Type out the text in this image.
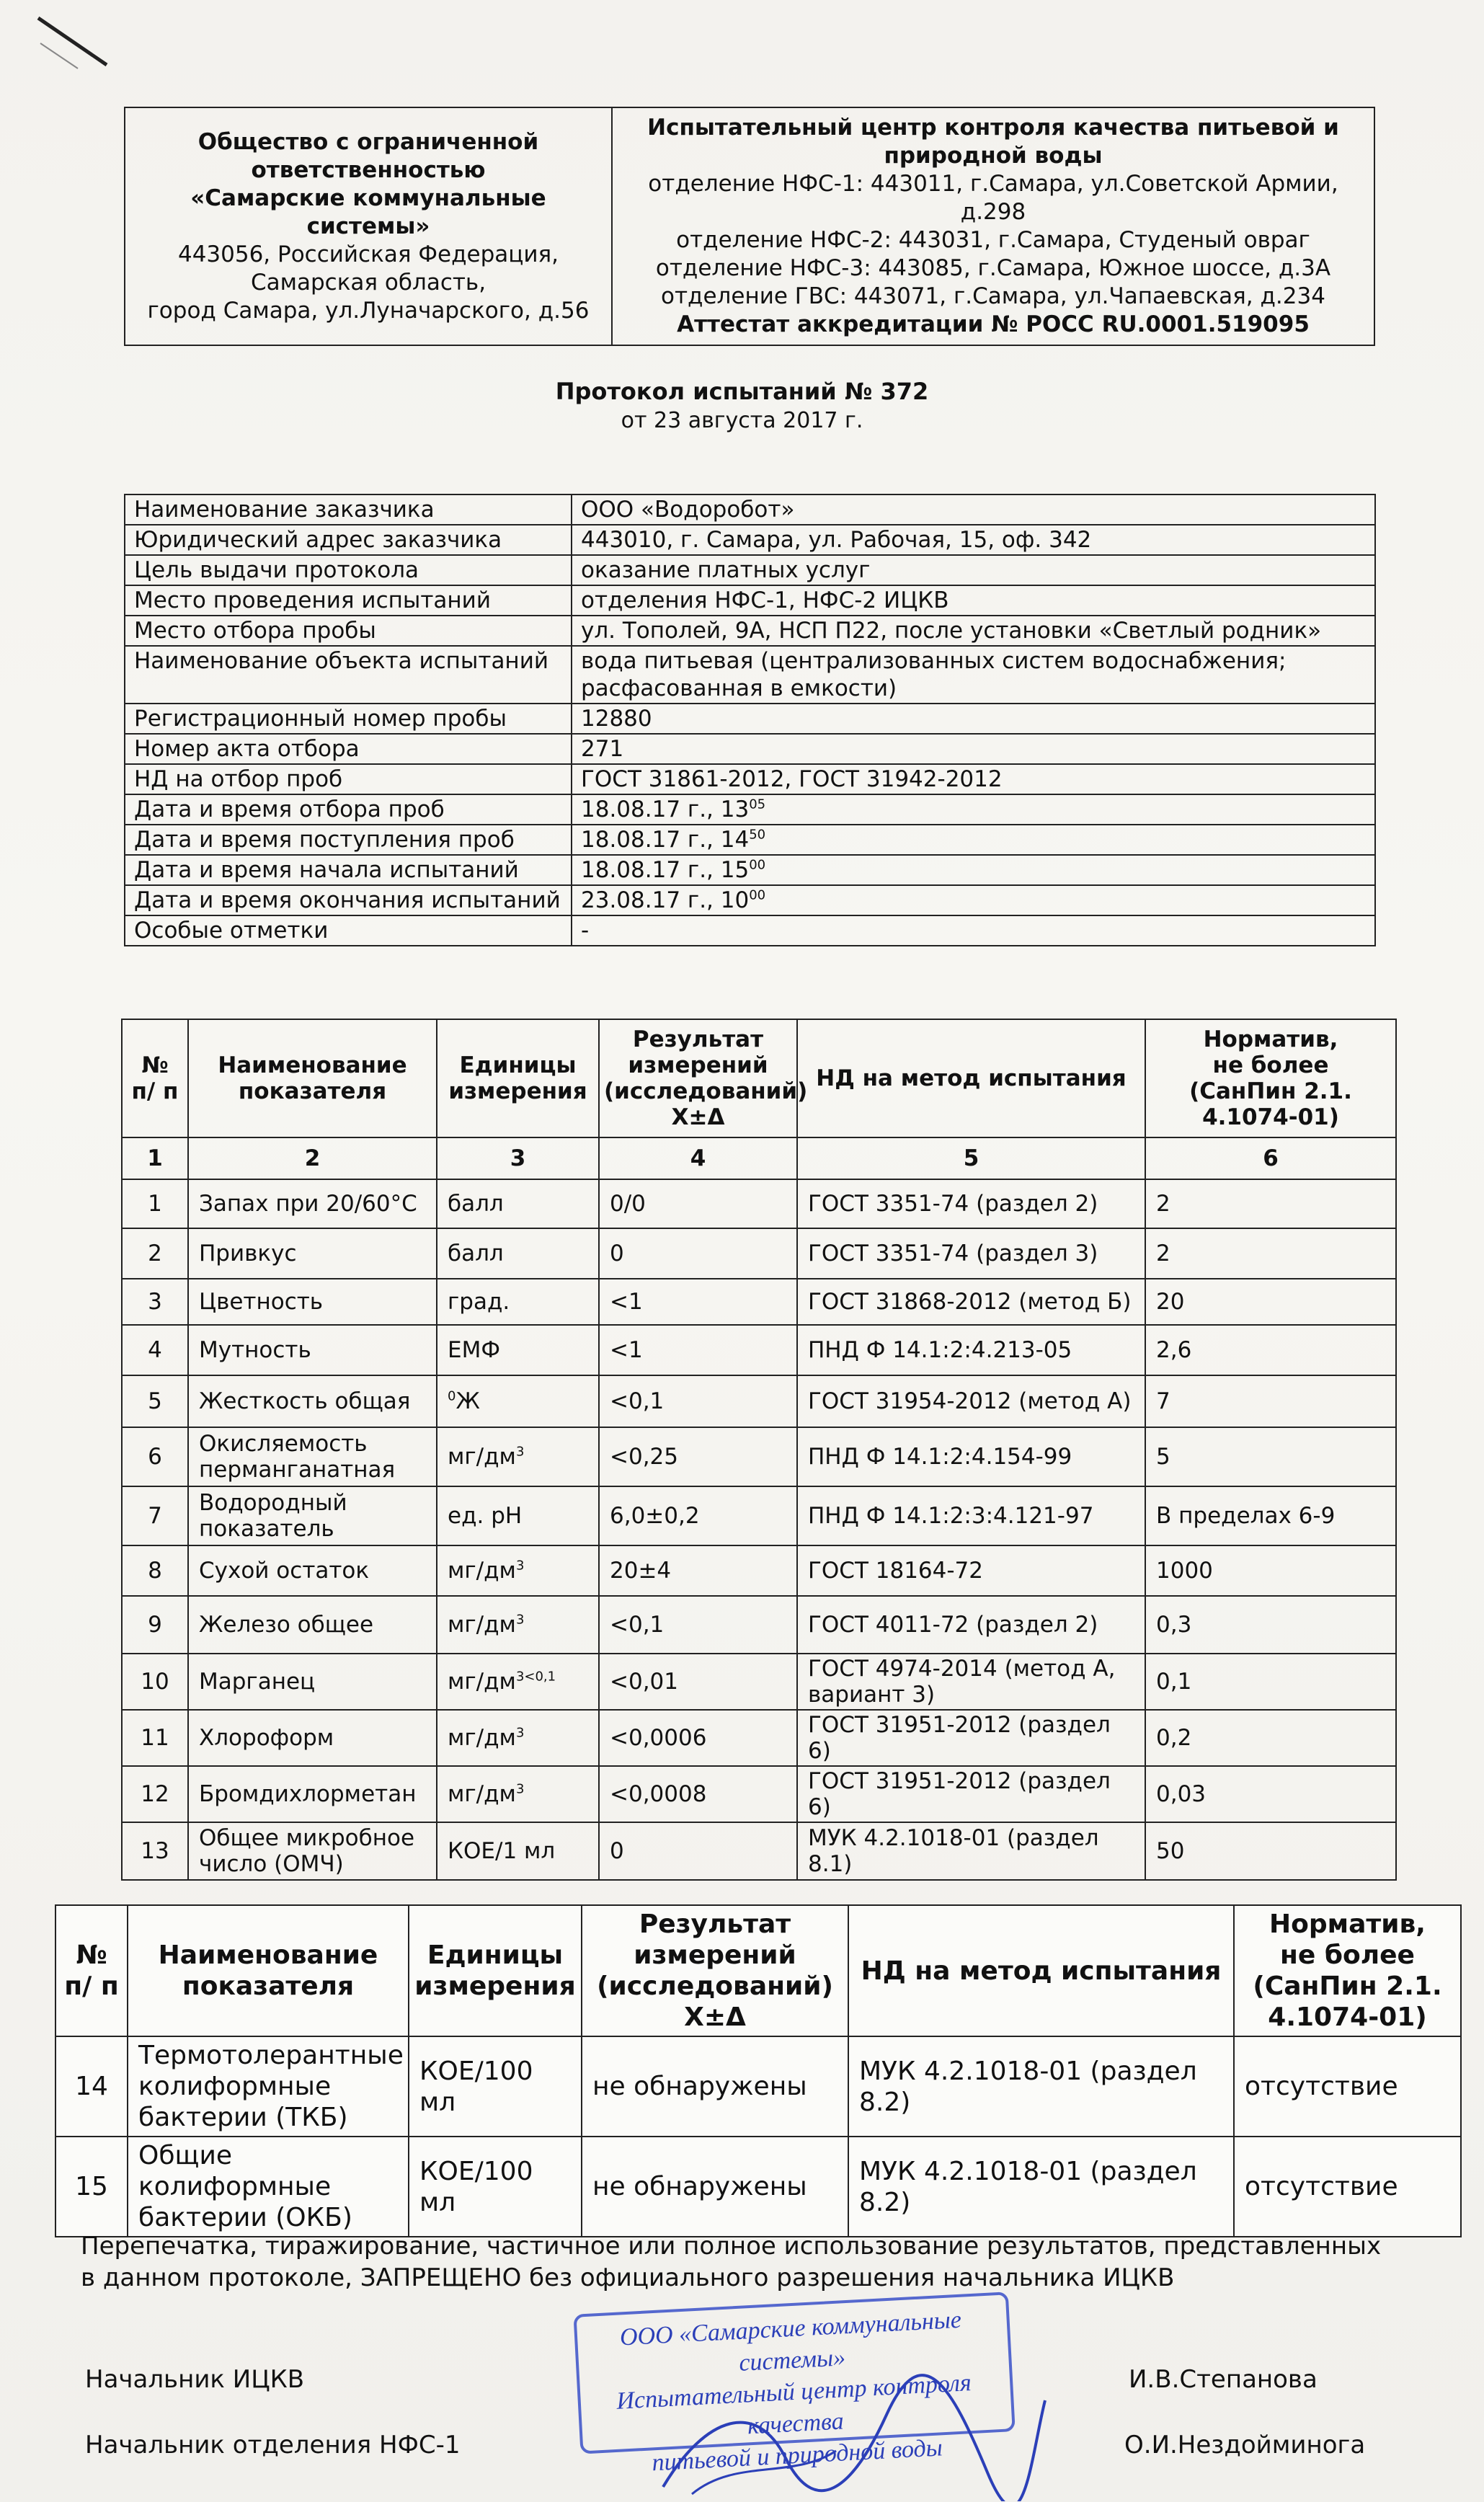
Общество с ограниченной
ответственностью
«Самарские коммунальные
системы»
443056, Российская Федерация,
Самарская область,
город Самара, ул.Луначарского, д.56	Испытательный центр контроля качества питьевой и
природной воды
отделение НФС-1: 443011, г.Самара, ул.Советской Армии, д.298
отделение НФС-2: 443031, г.Самара, Студеный овраг
отделение НФС-3: 443085, г.Самара, Южное шоссе, д.3А
отделение ГВС: 443071, г.Самара, ул.Чапаевская, д.234
Аттестат аккредитации № РОСС RU.0001.519095
Протокол испытаний № 372
от 23 августа 2017 г.
Наименование заказчика	ООО «Водоробот»
Юридический адрес заказчика	443010, г. Самара, ул. Рабочая, 15, оф. 342
Цель выдачи протокола	оказание платных услуг
Место проведения испытаний	отделения НФС-1, НФС-2 ИЦКВ
Место отбора пробы	ул. Тополей, 9А, НСП П22, после установки «Светлый родник»
Наименование объекта испытаний	вода питьевая (централизованных систем водоснабжения;
расфасованная в емкости)
Регистрационный номер пробы	12880
Номер акта отбора	271
НД на отбор проб	ГОСТ 31861-2012, ГОСТ 31942-2012
Дата и время отбора проб	18.08.17 г., $13^{05}$
Дата и время поступления проб	18.08.17 г., $14^{50}$
Дата и время начала испытаний	18.08.17 г., $15^{00}$
Дата и время окончания испытаний	23.08.17 г., $10^{00}$
Особые отметки	-
№ п/ п	Наименование показателя	Единицы измерения	Результат
измерений
(исследований)
X±Δ	НД на метод испытания	Норматив,
не более
(СанПин 2.1.
4.1074-01)
1	2	3	4	5	6
1	Запах при 20/60°С	балл	0/0	ГОСТ 3351-74 (раздел 2)	2
2	Привкус	балл	0	ГОСТ 3351-74 (раздел 3)	2
3	Цветность	град.	<1	ГОСТ 31868-2012 (метод Б)	20
4	Мутность	ЕМФ	<1	ПНД Ф 14.1:2:4.213-05	2,6
5	Жесткость общая	$^0$Ж	<0,1	ГОСТ 31954-2012 (метод А)	7
6	Окисляемость перманганатная	$мг/дм^3$	<0,25	ПНД Ф 14.1:2:4.154-99	5
7	Водородный показатель	ед. pH	6,0±0,2	ПНД Ф 14.1:2:3:4.121-97	В пределах 6-9
8	Сухой остаток	$мг/дм^3$	20±4	ГОСТ 18164-72	1000
9	Железо общее	$мг/дм^3$	<0,1	ГОСТ 4011-72 (раздел 2)	0,3
10	Марганец	$мг/дм^{3<0,1}$	<0,01	ГОСТ 4974-2014 (метод А, вариант 3)	0,1
11	Хлороформ	$мг/дм^3$	<0,0006	ГОСТ 31951-2012 (раздел 6)	0,2
12	Бромдихлорметан	$мг/дм^3$	<0,0008	ГОСТ 31951-2012 (раздел 6)	0,03
13	Общее микробное число (ОМЧ)	КОЕ/1 мл	0	МУК 4.2.1018-01 (раздел 8.1)	50
№ п/ п	Наименование показателя	Единицы измерения	Результат
измерений
(исследований)
X±Δ	НД на метод испытания	Норматив,
не более
(СанПин 2.1.
4.1074-01)
14	Термотолерантные колиформные бактерии (ТКБ)	КОЕ/100 мл	не обнаружены	МУК 4.2.1018-01 (раздел 8.2)	отсутствие
15	Общие колиформные бактерии (ОКБ)	КОЕ/100 мл	не обнаружены	МУК 4.2.1018-01 (раздел 8.2)	отсутствие
Перепечатка, тиражирование, частичное или полное использование результатов, представленных в данном протоколе, ЗАПРЕЩЕНО без официального разрешения начальника ИЦКВ
ООО «Самарские коммунальные системы»
Испытательный центр контроля качества
питьевой и природной воды
Начальник ИЦКВ	И.В.Степанова
Начальник отделения НФС-1	О.И.Нездойминога
